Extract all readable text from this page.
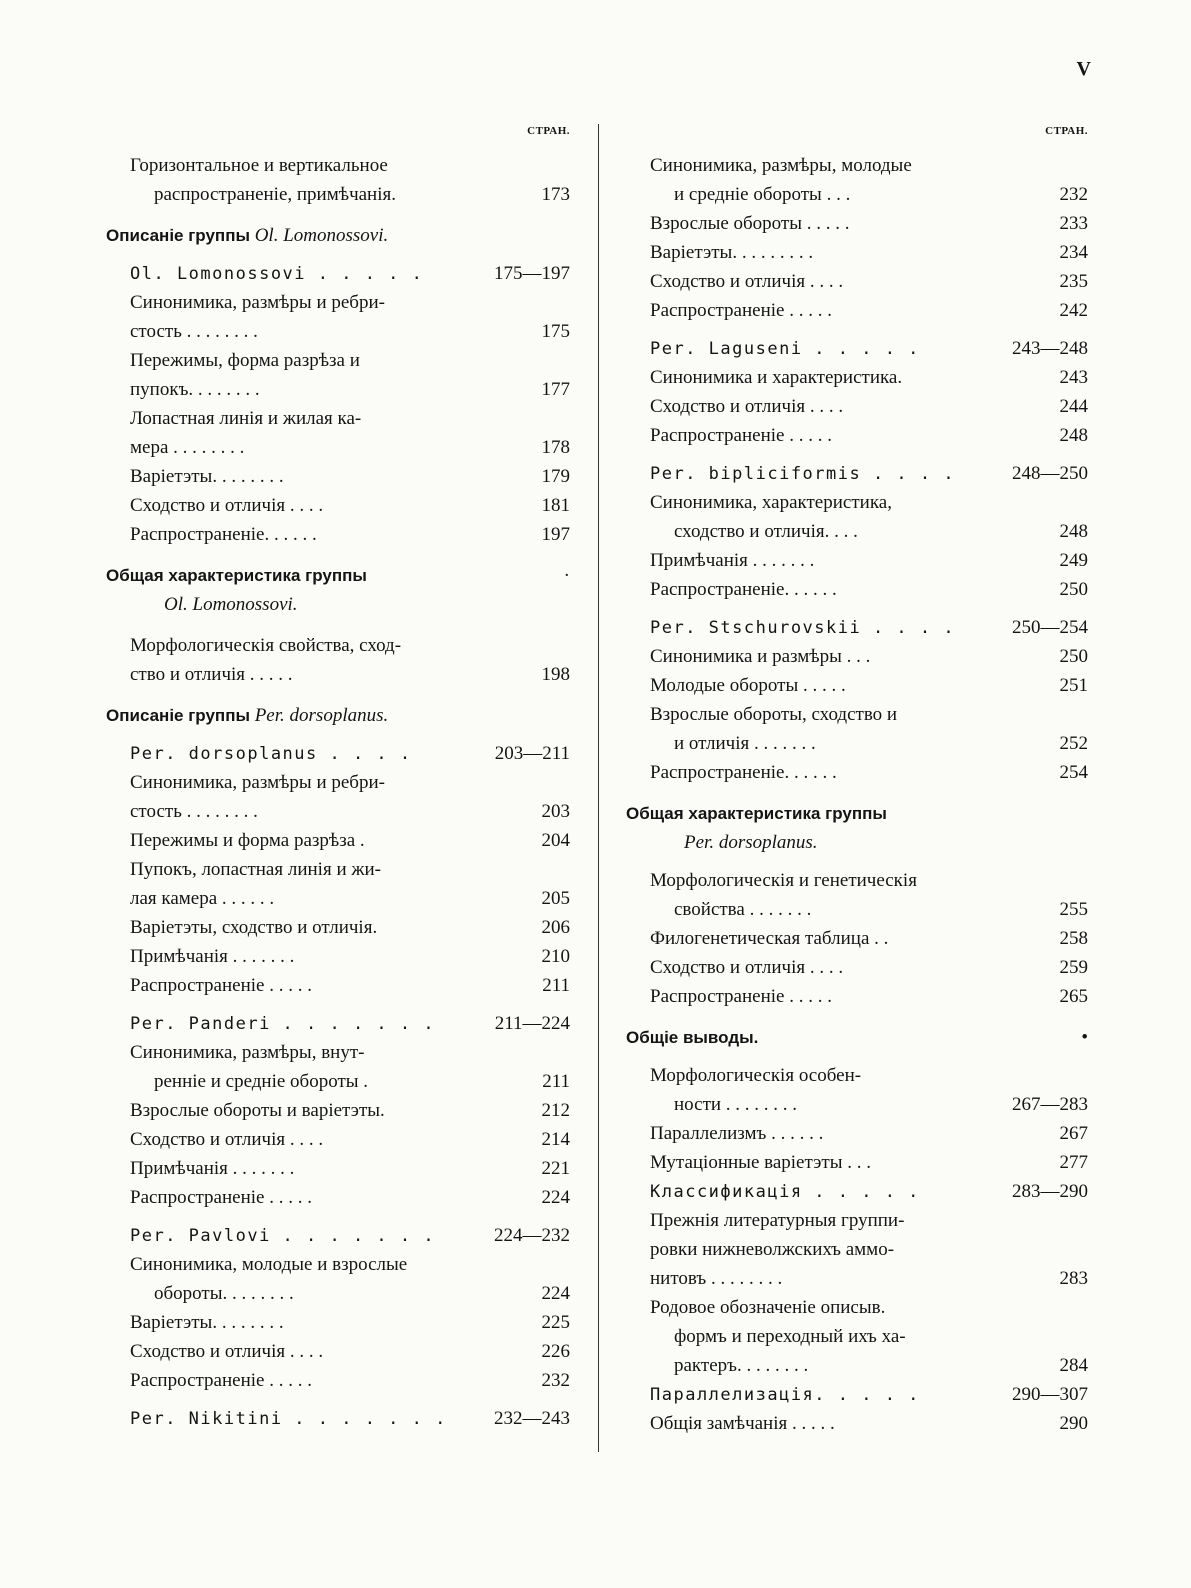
V
СТРАН.
Горизонтальное и вертикальное
распространеніе, примѣчанія.	173
Описаніе группы Ol. Lomonossovi.
Ol. Lomonossovi . . . . .	175—197
Синонимика, размѣры и ребри-
стость . . . . . . . .	175
Пережимы, форма разрѣза и
пупокъ. . . . . . . .	177
Лопастная линія и жилая ка-
мера . . . . . . . .	178
Варіетэты. . . . . . . .	179
Сходство и отличія . . . .	181
Распространеніе. . . . . .	197
Общая характеристика группы	·
Ol. Lomonossovi.
Морфологическія свойства, сход-
ство и отличія . . . . .	198
Описаніе группы Per. dorsoplanus.
Per. dorsoplanus . . . .	203—211
Синонимика, размѣры и ребри-
стость . . . . . . . .	203
Пережимы и форма разрѣза .	204
Пупокъ, лопастная линія и жи-
лая камера . . . . . .	205
Варіетэты, сходство и отличія.	206
Примѣчанія . . . . . . .	210
Распространеніе . . . . .	211
Per. Panderi . . . . . . .	211—224
Синонимика, размѣры, внут-
ренніе и средніе обороты .	211
Взрослые обороты и варіетэты.	212
Сходство и отличія . . . .	214
Примѣчанія . . . . . . .	221
Распространеніе . . . . .	224
Per. Pavlovi . . . . . . .	224—232
Синонимика, молодые и взрослые
обороты. . . . . . . .	224
Варіетэты. . . . . . . .	225
Сходство и отличія . . . .	226
Распространеніе . . . . .	232
Per. Nikitini . . . . . . .	232—243
СТРАН.
Синонимика, размѣры, молодые
и средніе обороты . . .	232
Взрослые обороты . . . . .	233
Варіетэты. . . . . . . . .	234
Сходство и отличія . . . .	235
Распространеніе . . . . .	242
Per. Laguseni . . . . .	243—248
Синонимика и характеристика.	243
Сходство и отличія . . . .	244
Распространеніе . . . . .	248
Per. bipliciformis . . . .	248—250
Синонимика, характеристика,
сходство и отличія. . . .	248
Примѣчанія . . . . . . .	249
Распространеніе. . . . . .	250
Per. Stschurovskii . . . .	250—254
Синонимика и размѣры . . .	250
Молодые обороты . . . . .	251
Взрослые обороты, сходство и
и отличія . . . . . . .	252
Распространеніе. . . . . .	254
Общая характеристика группы
Per. dorsoplanus.
Морфологическія и генетическія
свойства . . . . . . .	255
Филогенетическая таблица . .	258
Сходство и отличія . . . .	259
Распространеніе . . . . .	265
Общіе выводы.	•
Морфологическія особен-
ности . . . . . . . .	267—283
Параллелизмъ . . . . . .	267
Мутаціонные варіетэты . . .	277
Классификація . . . . .	283—290
Прежнія литературныя группи-
ровки нижневолжскихъ аммо-
нитовъ . . . . . . . .	283
Родовое обозначеніе описыв.
формъ и переходный ихъ ха-
рактеръ. . . . . . . .	284
Параллелизація. . . . .	290—307
Общія замѣчанія . . . . .	290
